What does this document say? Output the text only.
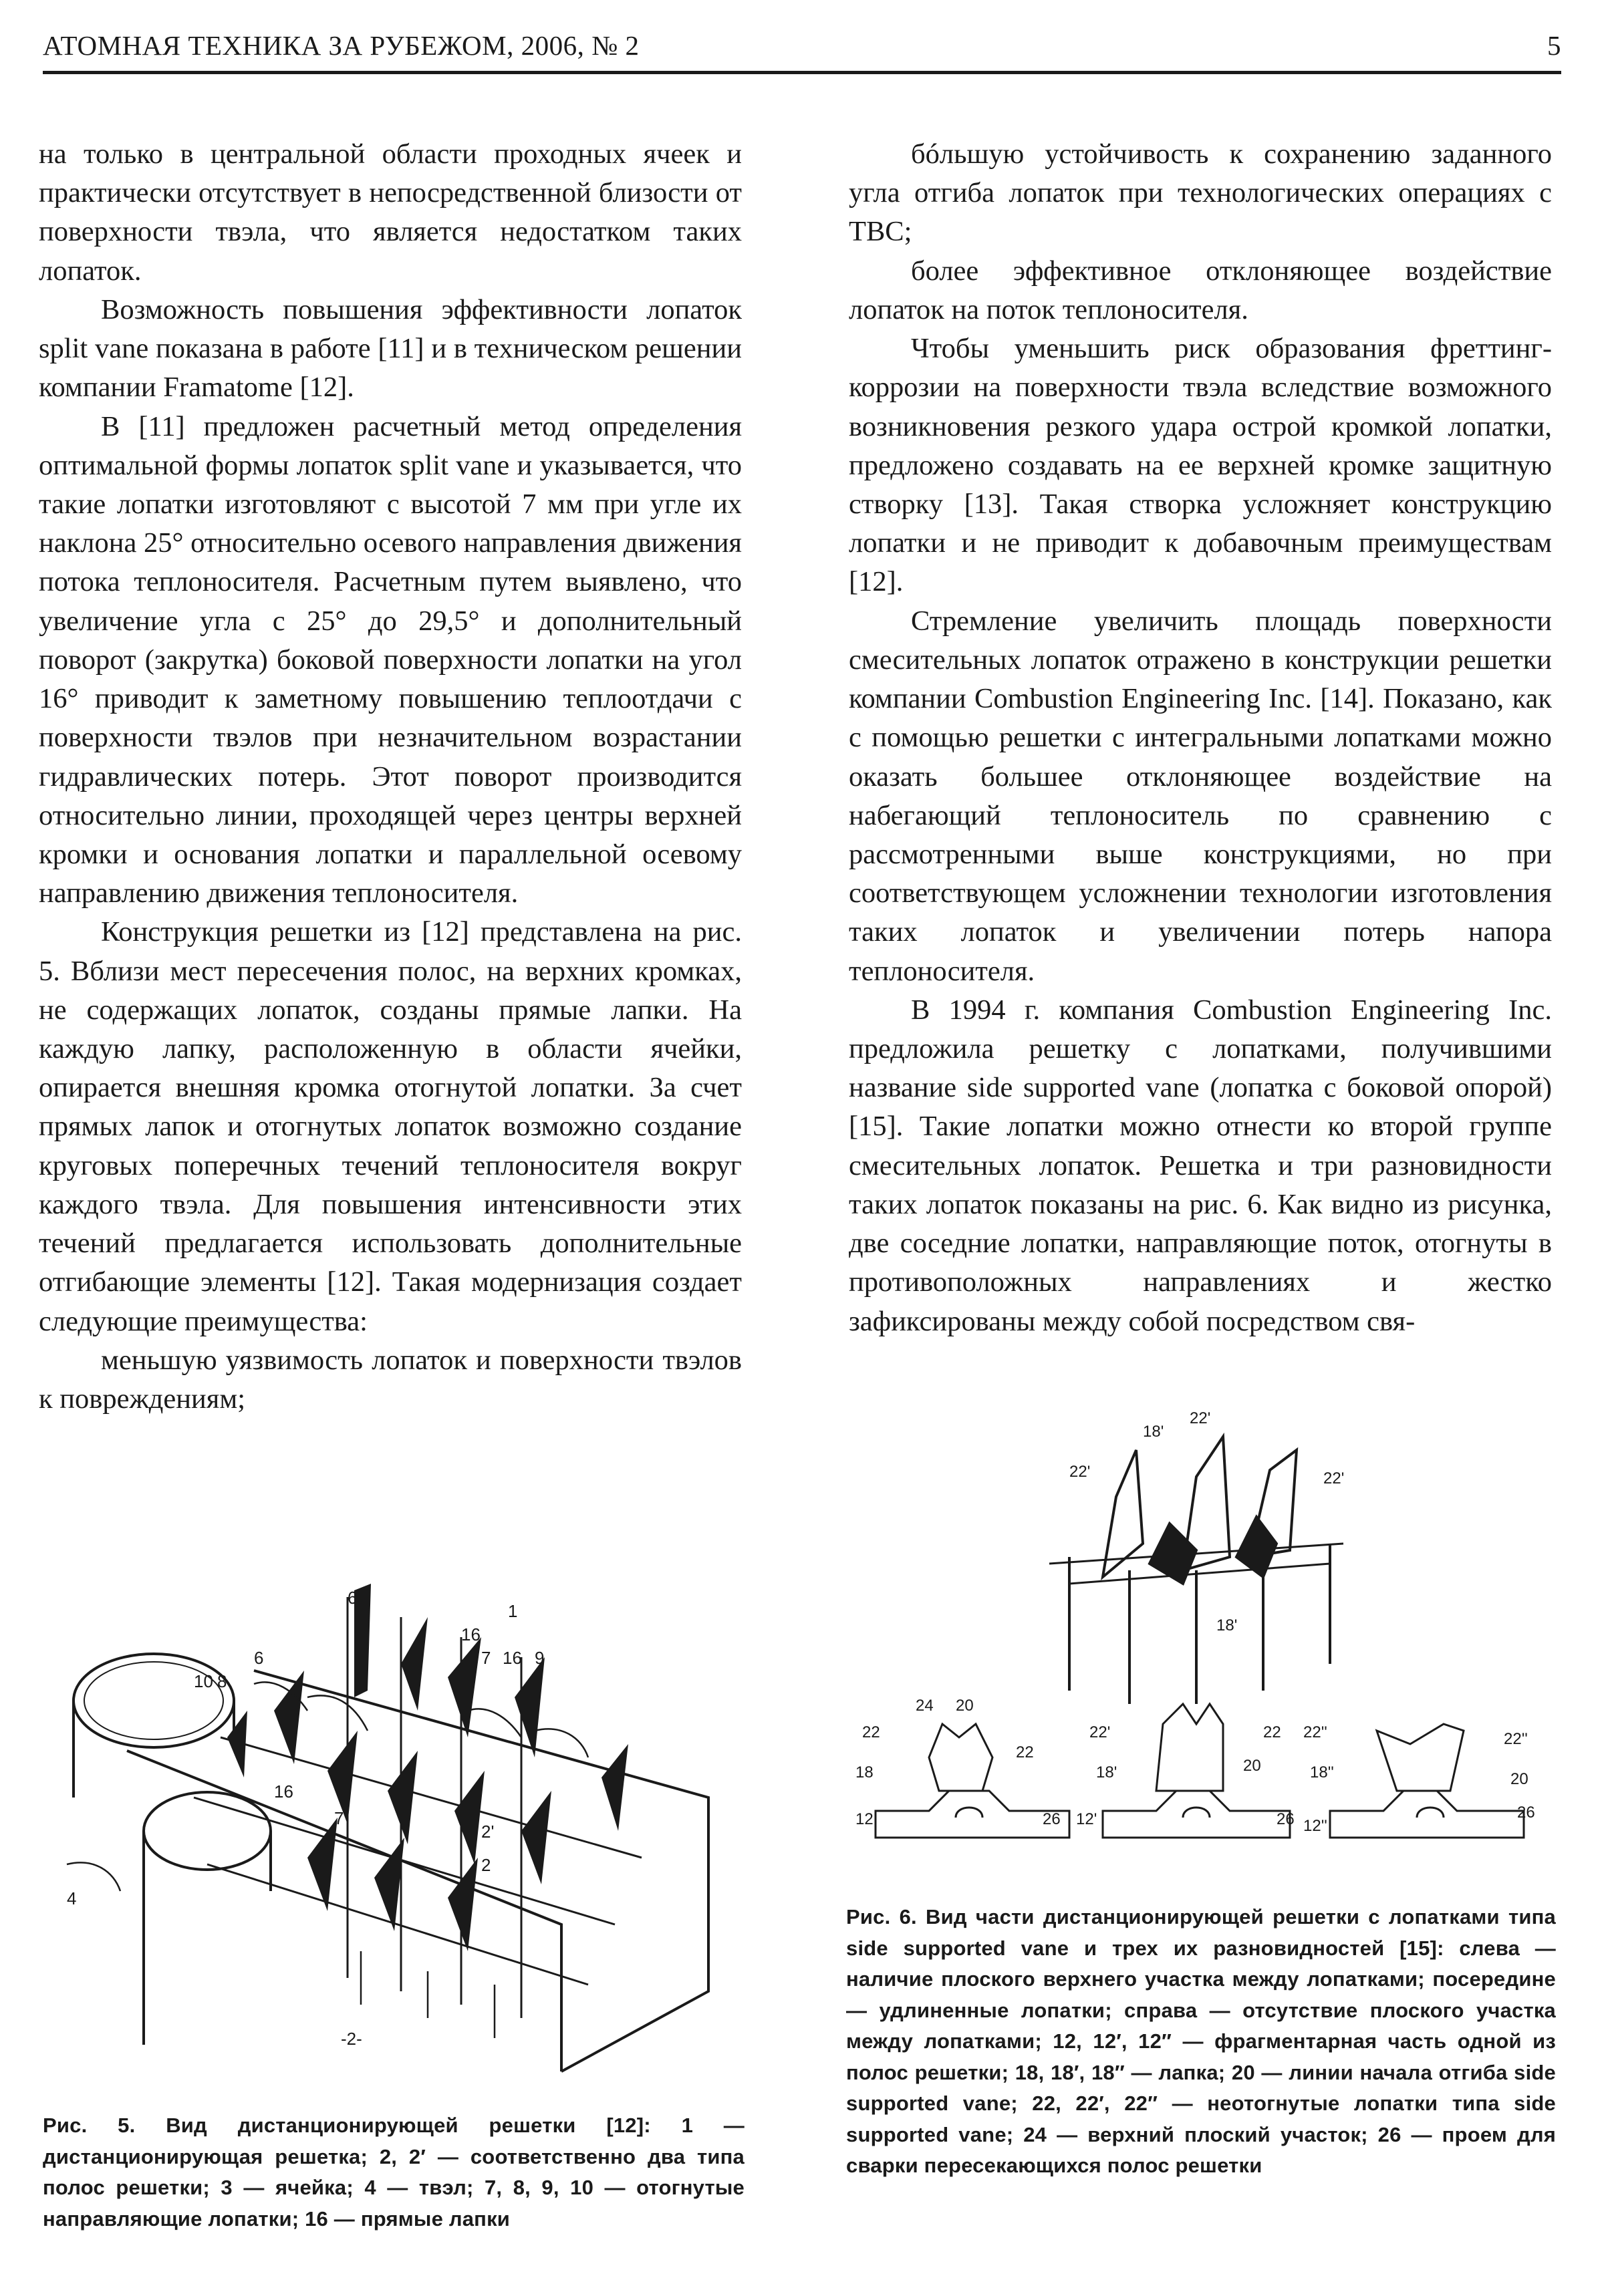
АТОМНАЯ ТЕХНИКА ЗА РУБЕЖОМ, 2006, № 2	5

на только в центральной области проходных ячеек и практически отсутствует в непосредственной близости от поверхности твэла, что является недостатком таких лопаток.

Возможность повышения эффективности лопаток split vane показана в работе [11] и в техническом решении компании Framatome [12].

В [11] предложен расчетный метод определения оптимальной формы лопаток split vane и указывается, что такие лопатки изготовляют с высотой 7 мм при угле их наклона 25° относительно осевого направления движения потока теплоносителя. Расчетным путем выявлено, что увеличение угла с 25° до 29,5° и дополнительный поворот (закрутка) боковой поверхности лопатки на угол 16° приводит к заметному повышению теплоотдачи с поверхности твэлов при незначительном возрастании гидравлических потерь. Этот поворот производится относительно линии, проходящей через центры верхней кромки и основания лопатки и параллельной осевому направлению движения теплоносителя.

Конструкция решетки из [12] представлена на рис. 5. Вблизи мест пересечения полос, на верхних кромках, не содержащих лопаток, созданы прямые лапки. На каждую лапку, расположенную в области ячейки, опирается внешняя кромка отогнутой лопатки. За счет прямых лапок и отогнутых лопаток возможно создание круговых поперечных течений теплоносителя вокруг каждого твэла. Для повышения интенсивности этих течений предлагается использовать дополнительные отгибающие элементы [12]. Такая модернизация создает следующие преимущества:

меньшую уязвимость лопаток и поверхности твэлов к повреждениям;

бóльшую устойчивость к сохранению заданного угла отгиба лопаток при технологических операциях с ТВС;

более эффективное отклоняющее воздействие лопаток на поток теплоносителя.

Чтобы уменьшить риск образования фреттинг-коррозии на поверхности твэла вследствие возможного возникновения резкого удара острой кромкой лопатки, предложено создавать на ее верхней кромке защитную створку [13]. Такая створка усложняет конструкцию лопатки и не приводит к добавочным преимуществам [12].

Стремление увеличить площадь поверхности смесительных лопаток отражено в конструкции решетки компании Combustion Engineering Inc. [14]. Показано, как с помощью решетки с интегральными лопатками можно оказать большее отклоняющее воздействие на набегающий теплоноситель по сравнению с рассмотренными выше конструкциями, но при соответствующем усложнении технологии изготовления таких лопаток и увеличении потерь напора теплоносителя.

В 1994 г. компания Combustion Engineering Inc. предложила решетку с лопатками, получившими название side supported vane (лопатка с боковой опорой) [15]. Такие лопатки можно отнести ко второй группе смесительных лопаток. Решетка и три разновидности таких лопаток показаны на рис. 6. Как видно из рисунка, две соседние лопатки, направляющие поток, отогнуты в противоположных направлениях и жестко зафиксированы между собой посредством свя-

6
1
16
7 16 9
6
10 8
16
7
2'
2
4
-2-
Рис. 5. Вид дистанционирующей решетки [12]: 1 — дистанционирующая решетка; 2, 2′ — соответственно два типа полос решетки; 3 — ячейка; 4 — твэл; 7, 8, 9, 10 — отогнутые направляющие лопатки; 16 — прямые лапки
18'
22'
22'	22'
18'
24 20
22
22
18
12	26
22'	22
18'	20
12'	26
22''	22''
18''	20
12''
26
Рис. 6. Вид части дистанционирующей решетки с лопатками типа side supported vane и трех их разновидностей [15]: слева — наличие плоского верхнего участка между лопатками; посередине — удлиненные лопатки; справа — отсутствие плоского участка между лопатками; 12, 12′, 12″ — фрагментарная часть одной из полос решетки; 18, 18′, 18″ — лапка; 20 — линии начала отгиба side supported vane; 22, 22′, 22″ — неотогнутые лопатки типа side supported vane; 24 — верхний плоский участок; 26 — проем для сварки пересекающихся полос решетки
